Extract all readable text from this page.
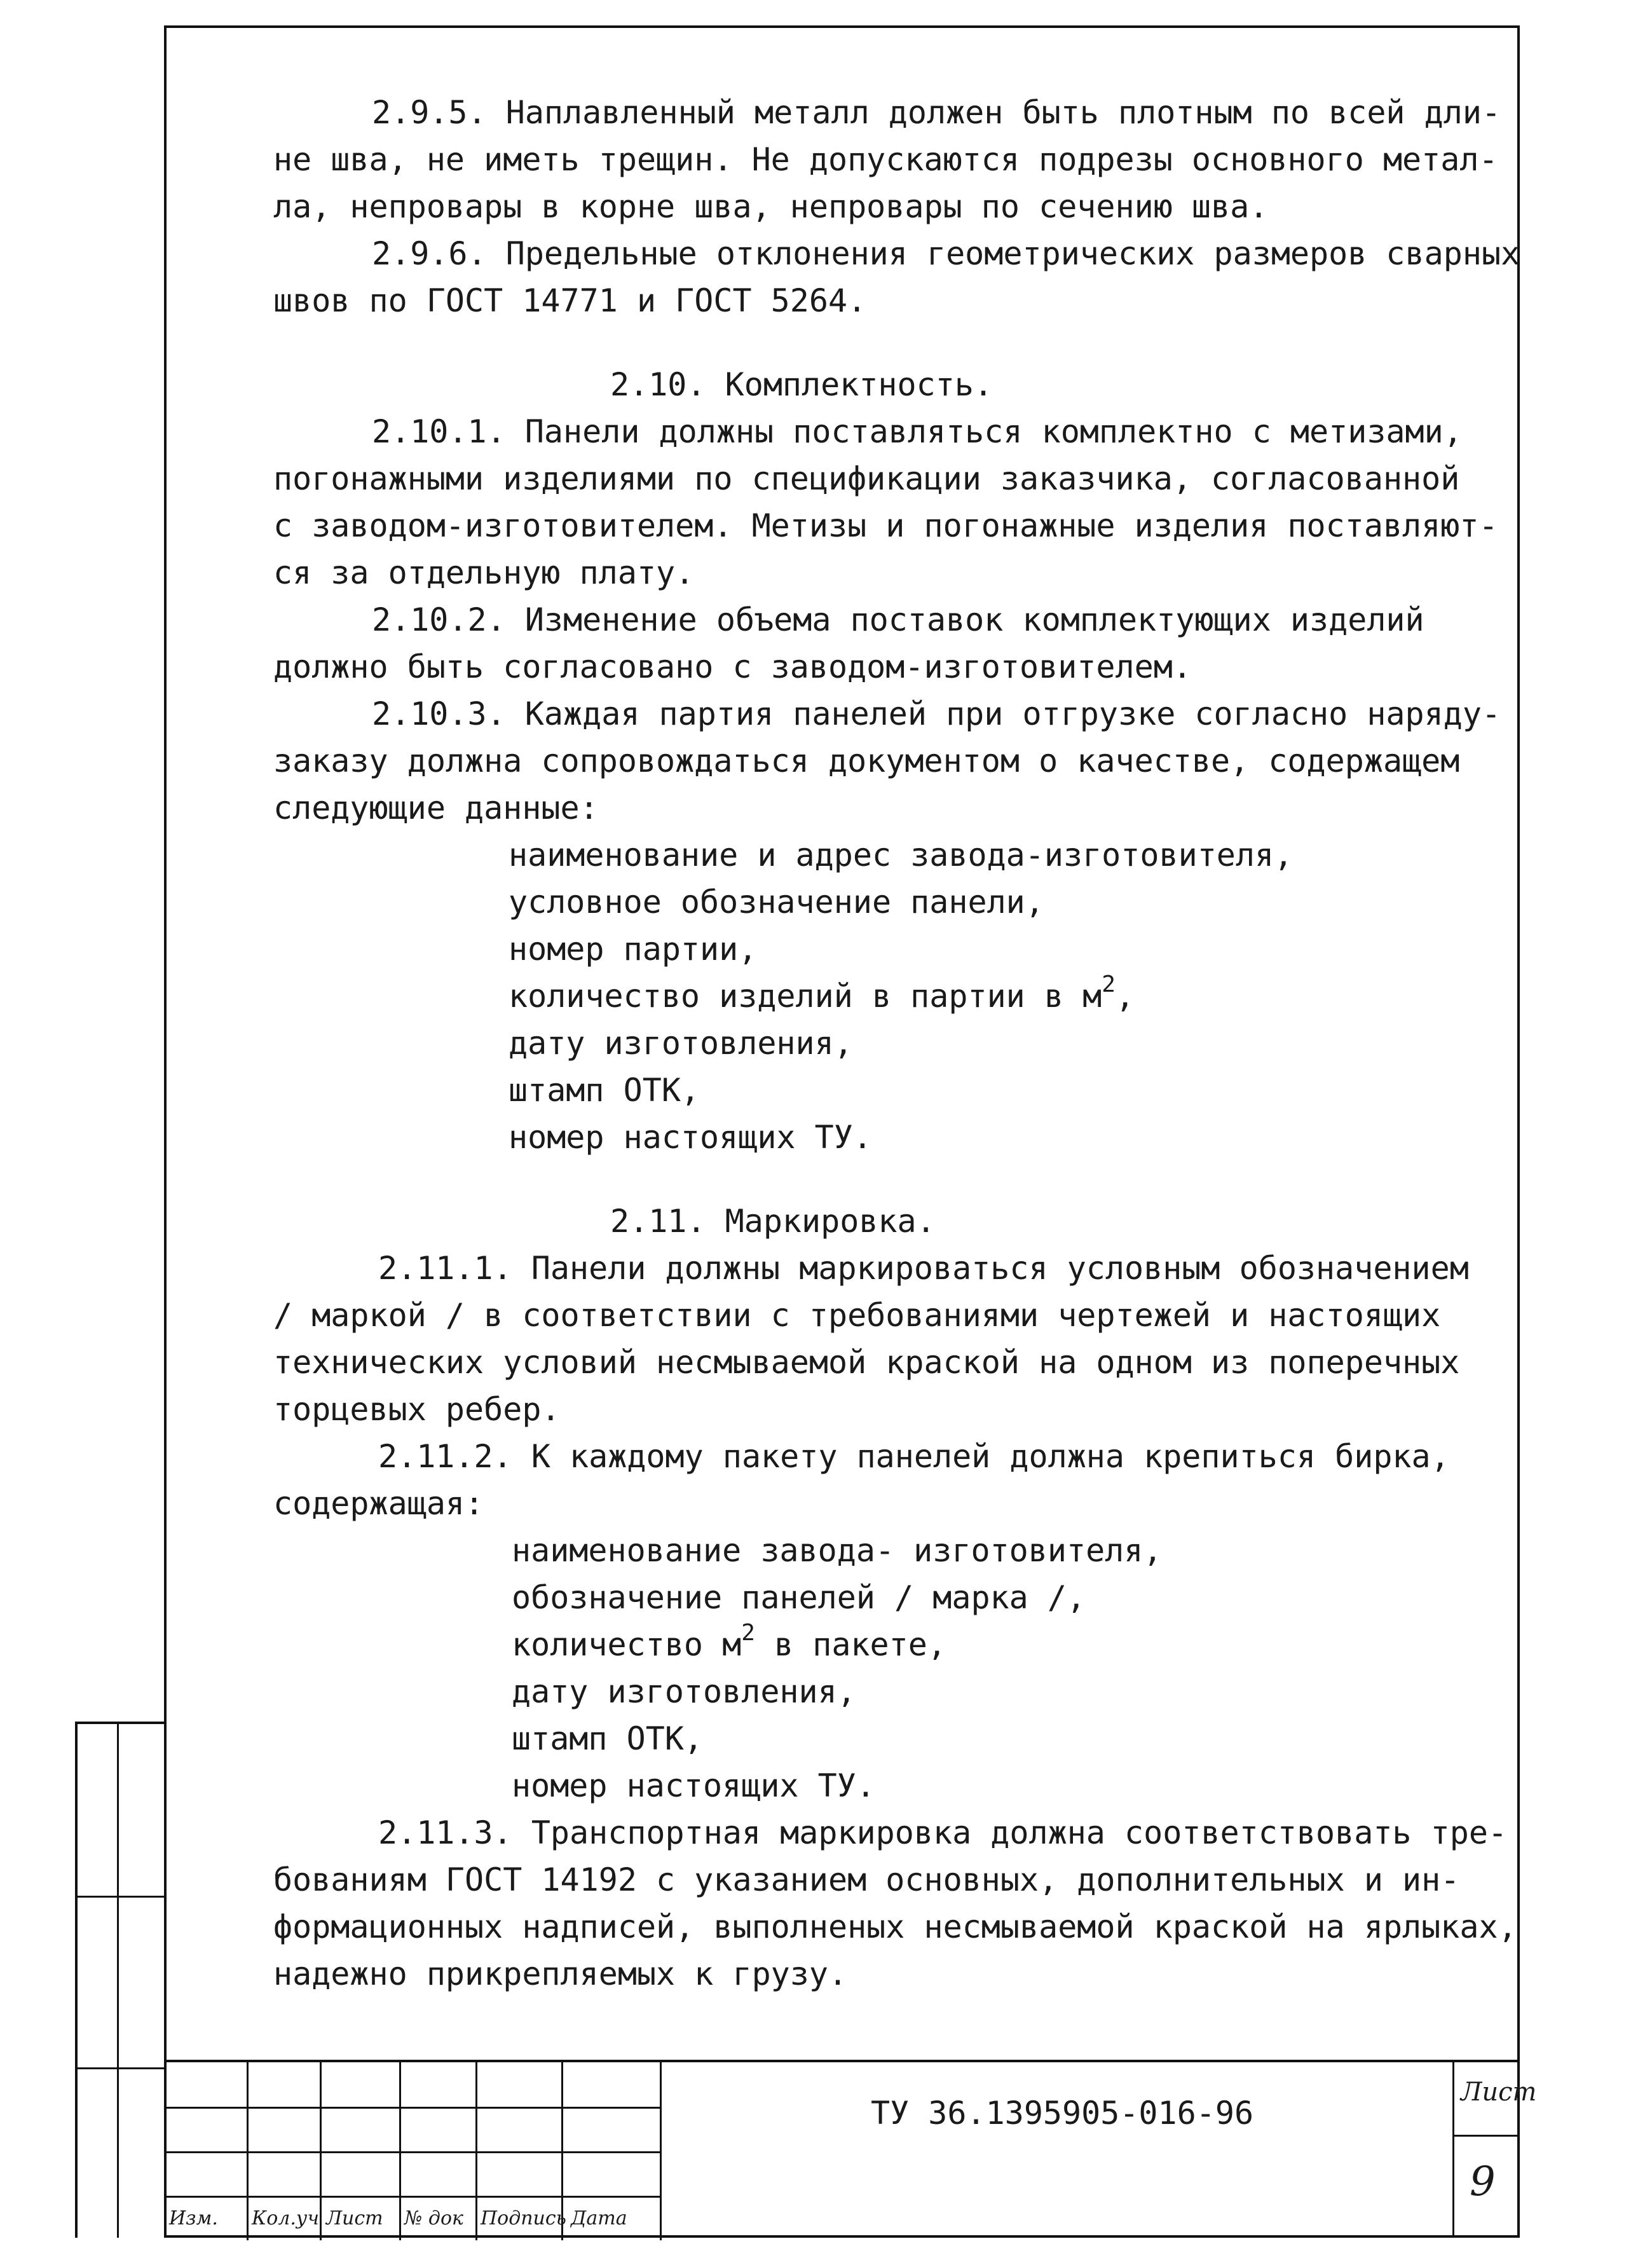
2.9.5. Наплавленный металл должен быть плотным по всей дли-
не шва, не иметь трещин. Не допускаются подрезы основного метал-
ла, непровары в корне шва, непровары по сечению шва.
2.9.6. Предельные отклонения геометрических размеров сварных
швов по ГОСТ 14771 и ГОСТ 5264.
2.10. Комплектность.
2.10.1. Панели должны поставляться комплектно с метизами,
погонажными изделиями по спецификации заказчика, согласованной
с заводом-изготовителем. Метизы и погонажные изделия поставляют-
ся за отдельную плату.
2.10.2. Изменение объема поставок комплектующих изделий
должно быть согласовано с заводом-изготовителем.
2.10.3. Каждая партия панелей при отгрузке согласно наряду-
заказу должна сопровождаться документом о качестве, содержащем
следующие данные:
наименование и адрес завода-изготовителя,
условное обозначение панели,
номер партии,
количество изделий в партии в $м^2$,
дату изготовления,
штамп ОТК,
номер настоящих ТУ.
2.11. Маркировка.
2.11.1. Панели должны маркироваться условным обозначением
/ маркой / в соответствии с требованиями чертежей и настоящих
технических условий несмываемой краской на одном из поперечных
торцевых ребер.
2.11.2. К каждому пакету панелей должна крепиться бирка,
содержащая:
наименование завода- изготовителя,
обозначение панелей / марка /,
количество $м^2$ в пакете,
дату изготовления,
штамп ОТК,
номер настоящих ТУ.
2.11.3. Транспортная маркировка должна соответствовать тре-
бованиям ГОСТ 14192 с указанием основных, дополнительных и ин-
формационных надписей, выполненых несмываемой краской на ярлыках,
надежно прикрепляемых к грузу.
Изм. Кол.уч Лист № док Подпись Дата
ТУ 36.1395905-016-96
Лист
9
